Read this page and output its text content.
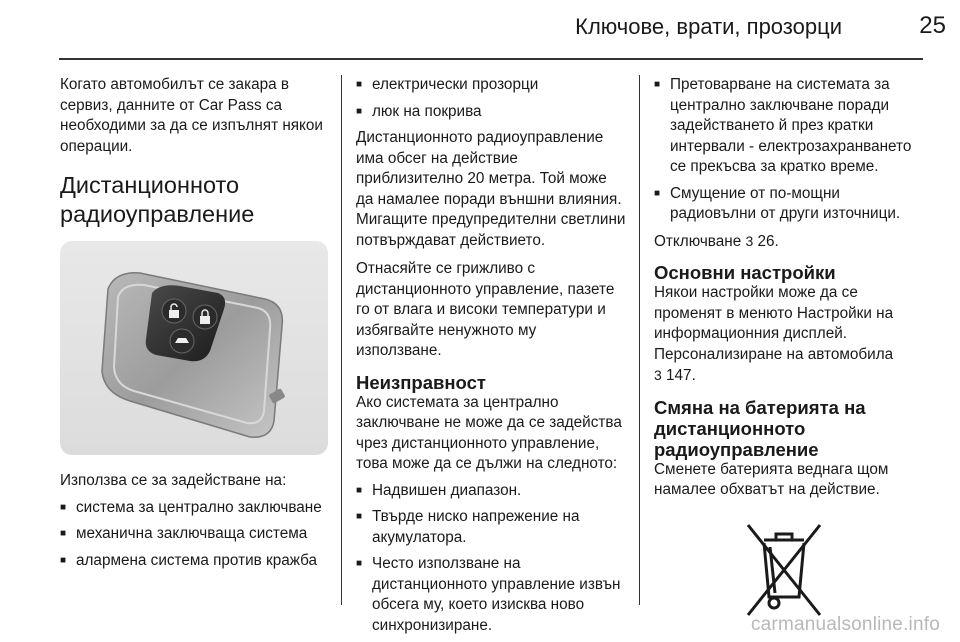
Ключове, врати, прозорци	25

Когато автомобилът се закара в сервиз, данните от Car Pass са необходими за да се изпълнят някои операции.

Дистанционното радиоуправление

Използва се за задействане на:

■ система за централно заключване
■ механична заключваща система
■ алармена система против кражба
■ електрически прозорци
■ люк на покрива

Дистанционното радиоуправление има обсег на действие приблизително 20 метра. Той може да намалее поради външни влияния. Мигащите предупредителни светлини потвърждават действието.

Отнасяйте се грижливо с дистанционното управление, пазете го от влага и високи температури и избягвайте ненужното му използване.

Неизправност

Ако системата за централно заключване не може да се задейства чрез дистанционното управление, това може да се дължи на следното:

■ Надвишен диапазон.
■ Твърде ниско напрежение на акумулатора.
■ Често използване на дистанционното управление извън обсега му, което изисква ново синхронизиране.
■ Претоварване на системата за централно заключване поради задействането й през кратки интервали - електрозахранването се прекъсва за кратко време.
■ Смущение от по-мощни радиовълни от други източници.

Отключване 3 26.

Основни настройки

Някои настройки може да се променят в менюто Настройки на информационния дисплей. Персонализиране на автомобила
3 147.

Смяна на батерията на дистанционното радиоуправление

Сменете батерията веднага щом намалее обхватът на действие.

carmanualsonline.info
